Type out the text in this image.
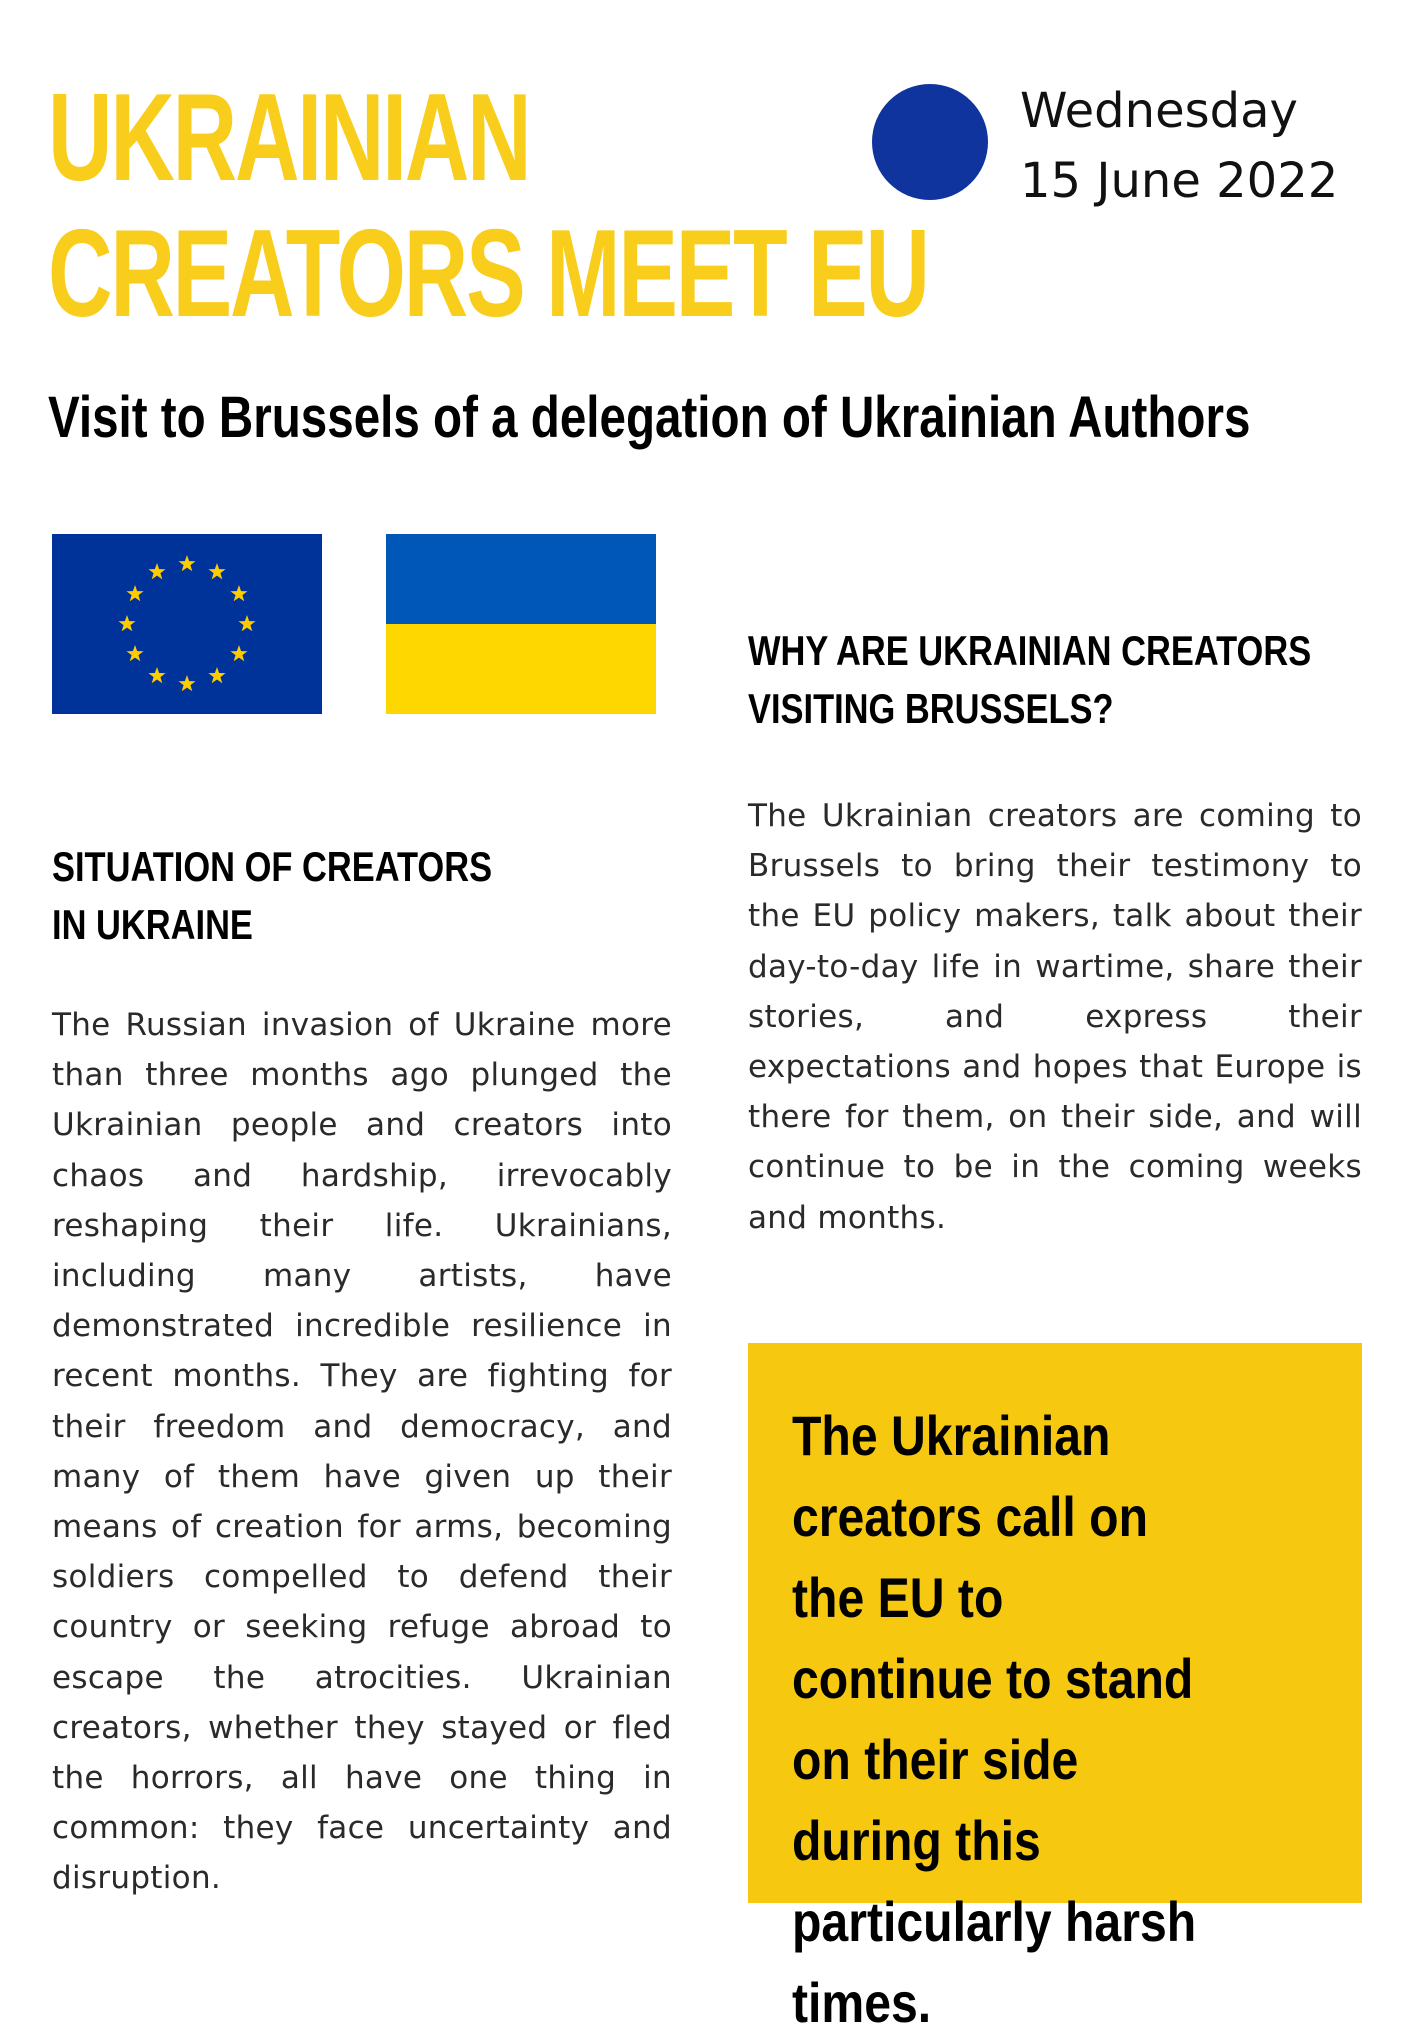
UKRAINIAN
CREATORS MEET EU
Wednesday
15 June 2022
Visit to Brussels of a delegation of Ukrainian Authors
WHY ARE UKRAINIAN CREATORS
VISITING BRUSSELS?

The Ukrainian creators are coming to Brussels to bring their testimony to the EU policy makers, talk about their day-to-day life in wartime, share their stories, and express their expectations and hopes that Europe is there for them, on their side, and will continue to be in the coming weeks and months.

SITUATION OF CREATORS
IN UKRAINE

The Russian invasion of Ukraine more than three months ago plunged the Ukrainian people and creators into chaos and hardship, irrevocably reshaping their life. Ukrainians, including many artists, have demonstrated incredible resilience in recent months. They are fighting for their freedom and democracy, and many of them have given up their means of creation for arms, becoming soldiers compelled to defend their country or seeking refuge abroad to escape the atrocities. Ukrainian creators, whether they stayed or fled the horrors, all have one thing in common: they face uncertainty and disruption.

The Ukrainian creators call on the EU to continue to stand on their side during this particularly harsh times.
